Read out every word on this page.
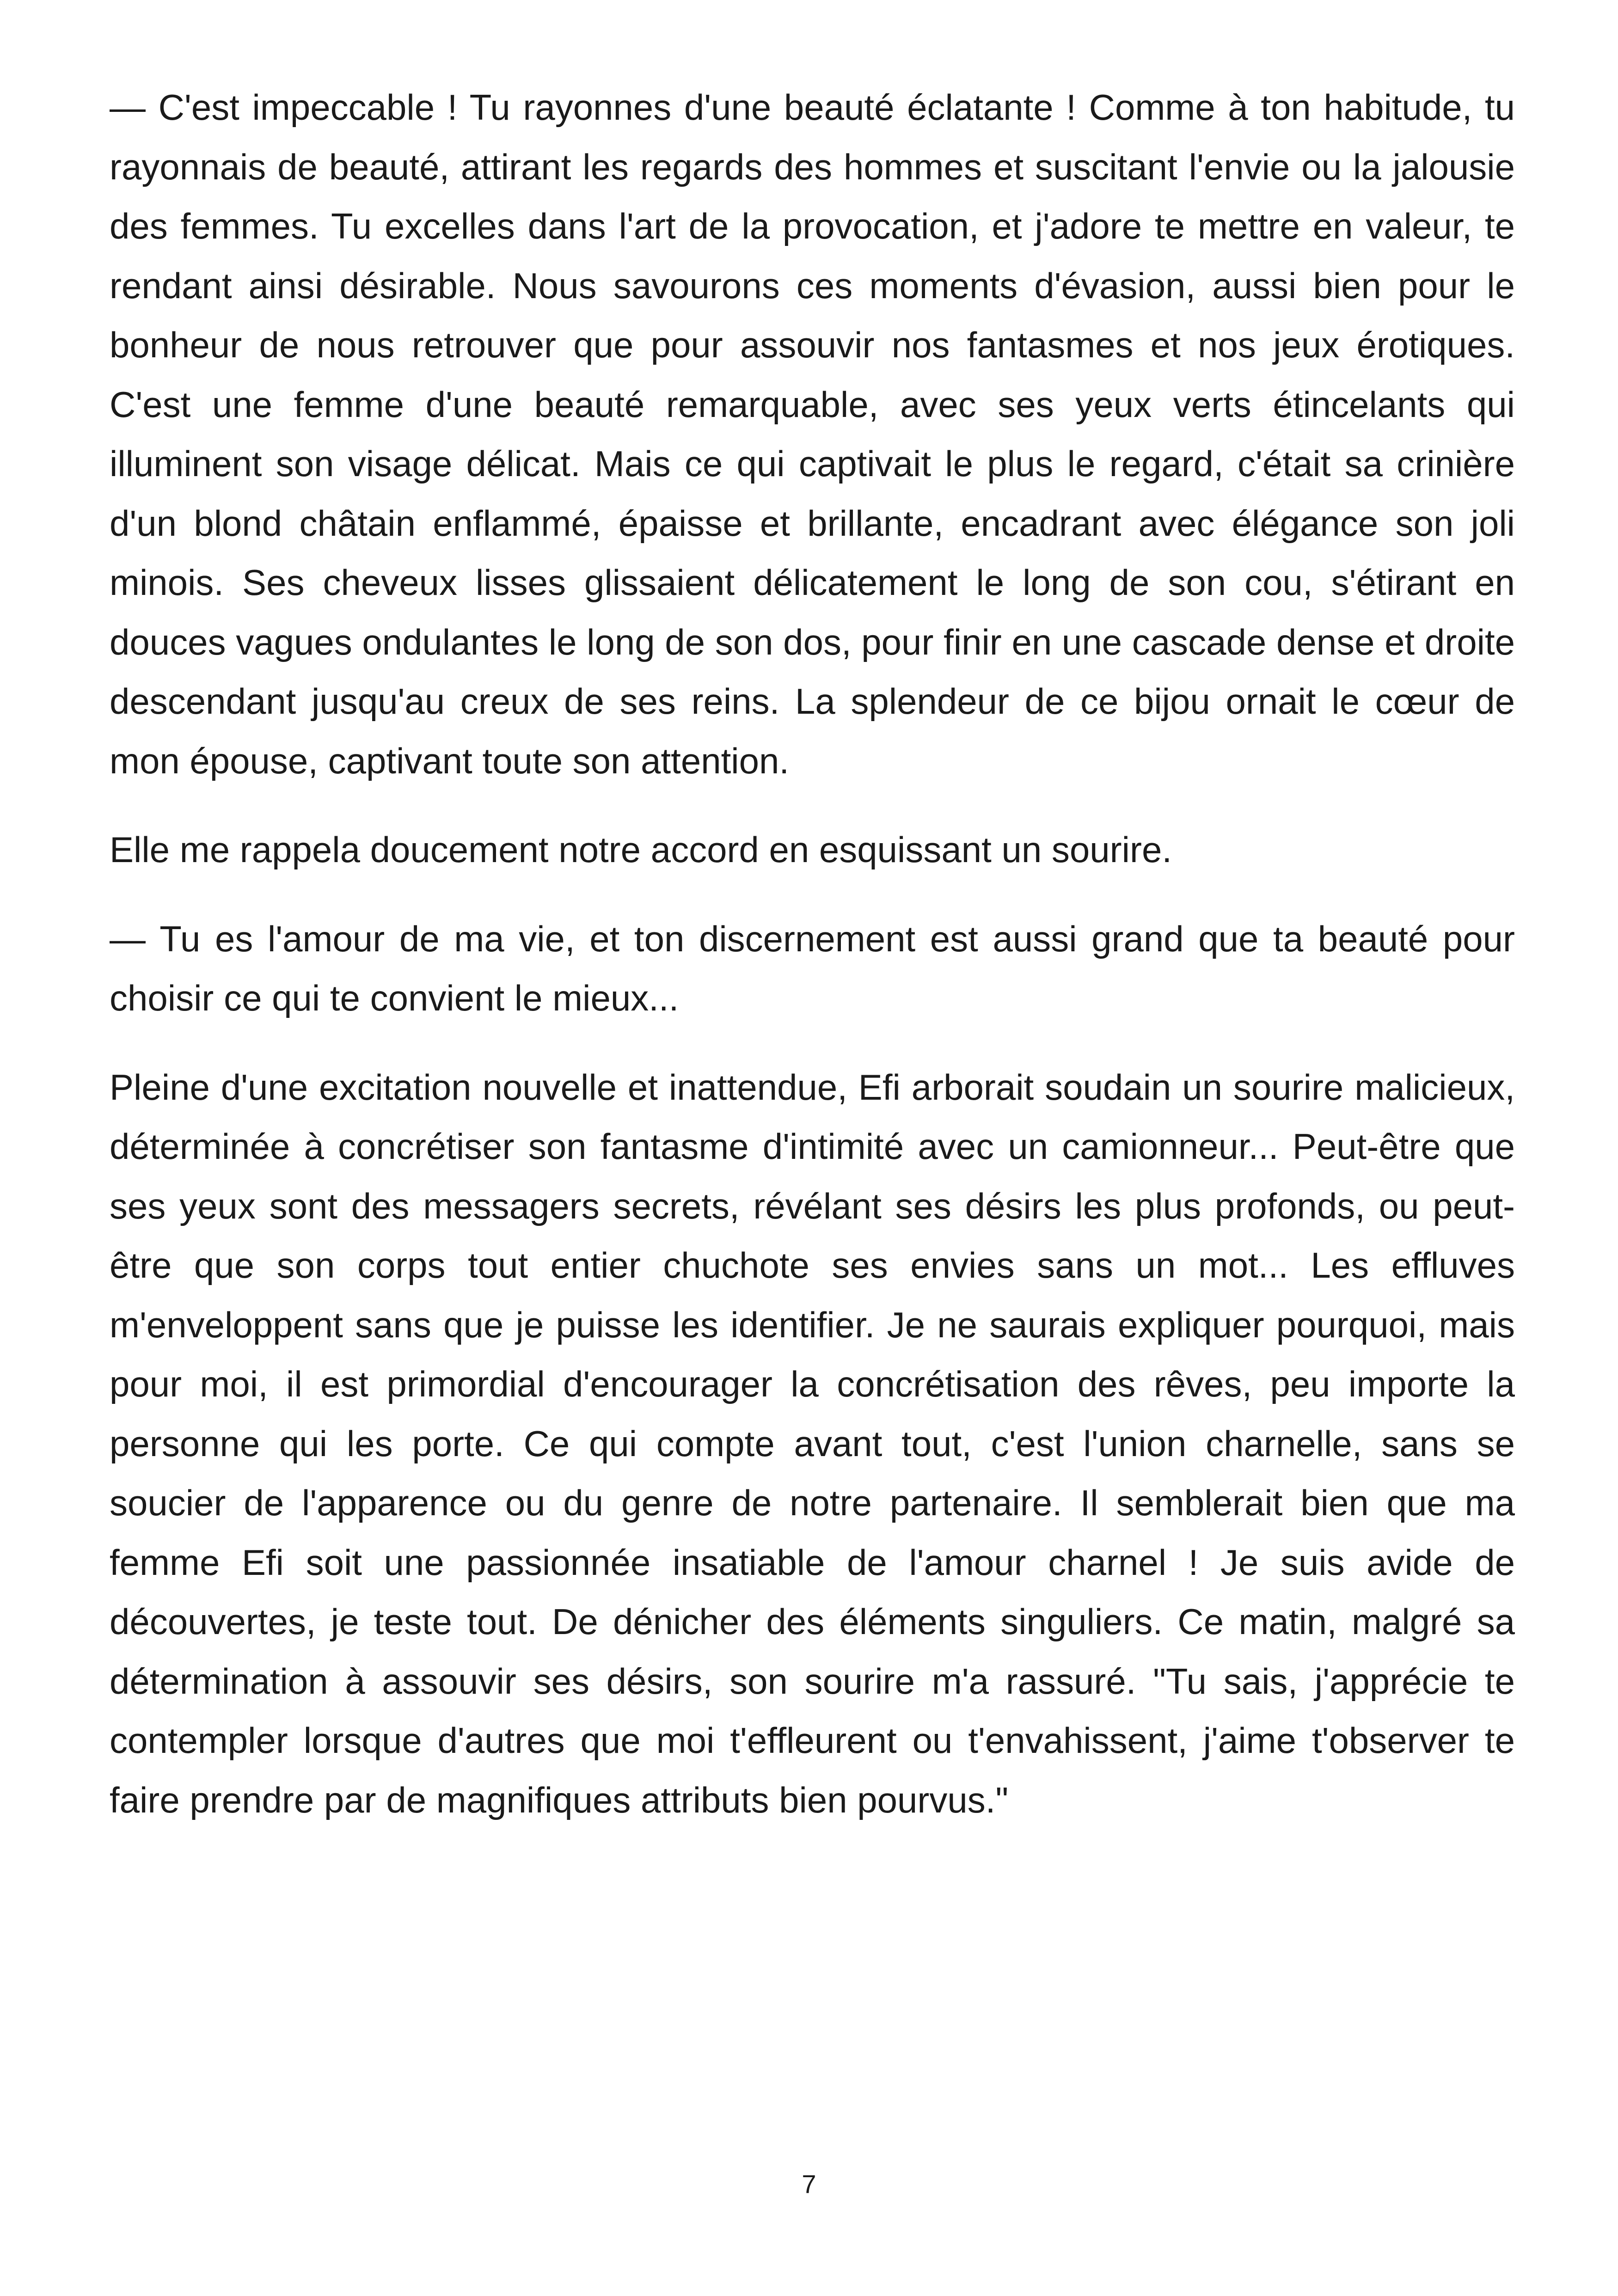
— C'est impeccable ! Tu rayonnes d'une beauté éclatante ! Comme à ton habitude, tu rayonnais de beauté, attirant les regards des hommes et suscitant l'envie ou la jalousie des femmes. Tu excelles dans l'art de la provocation, et j'adore te mettre en valeur, te rendant ainsi désirable. Nous savourons ces moments d'évasion, aussi bien pour le bonheur de nous retrouver que pour assouvir nos fantasmes et nos jeux érotiques. C'est une femme d'une beauté remarquable, avec ses yeux verts étincelants qui illuminent son visage délicat. Mais ce qui captivait le plus le regard, c'était sa crinière d'un blond châtain enflammé, épaisse et brillante, encadrant avec élégance son joli minois. Ses cheveux lisses glissaient délicatement le long de son cou, s'étirant en douces vagues ondulantes le long de son dos, pour finir en une cascade dense et droite descendant jusqu'au creux de ses reins. La splendeur de ce bijou ornait le cœur de mon épouse, captivant toute son attention.

Elle me rappela doucement notre accord en esquissant un sourire.

— Tu es l'amour de ma vie, et ton discernement est aussi grand que ta beauté pour choisir ce qui te convient le mieux...

Pleine d'une excitation nouvelle et inattendue, Efi arborait soudain un sourire malicieux, déterminée à concrétiser son fantasme d'intimité avec un camionneur... Peut-être que ses yeux sont des messagers secrets, révélant ses désirs les plus profonds, ou peut-être que son corps tout entier chuchote ses envies sans un mot... Les effluves m'enveloppent sans que je puisse les identifier. Je ne saurais expliquer pourquoi, mais pour moi, il est primordial d'encourager la concrétisation des rêves, peu importe la personne qui les porte. Ce qui compte avant tout, c'est l'union charnelle, sans se soucier de l'apparence ou du genre de notre partenaire. Il semblerait bien que ma femme Efi soit une passionnée insatiable de l'amour charnel ! Je suis avide de découvertes, je teste tout. De dénicher des éléments singuliers. Ce matin, malgré sa détermination à assouvir ses désirs, son sourire m'a rassuré. "Tu sais, j'apprécie te contempler lorsque d'autres que moi t'effleurent ou t'envahissent, j'aime t'observer te faire prendre par de magnifiques attributs bien pourvus."

7
